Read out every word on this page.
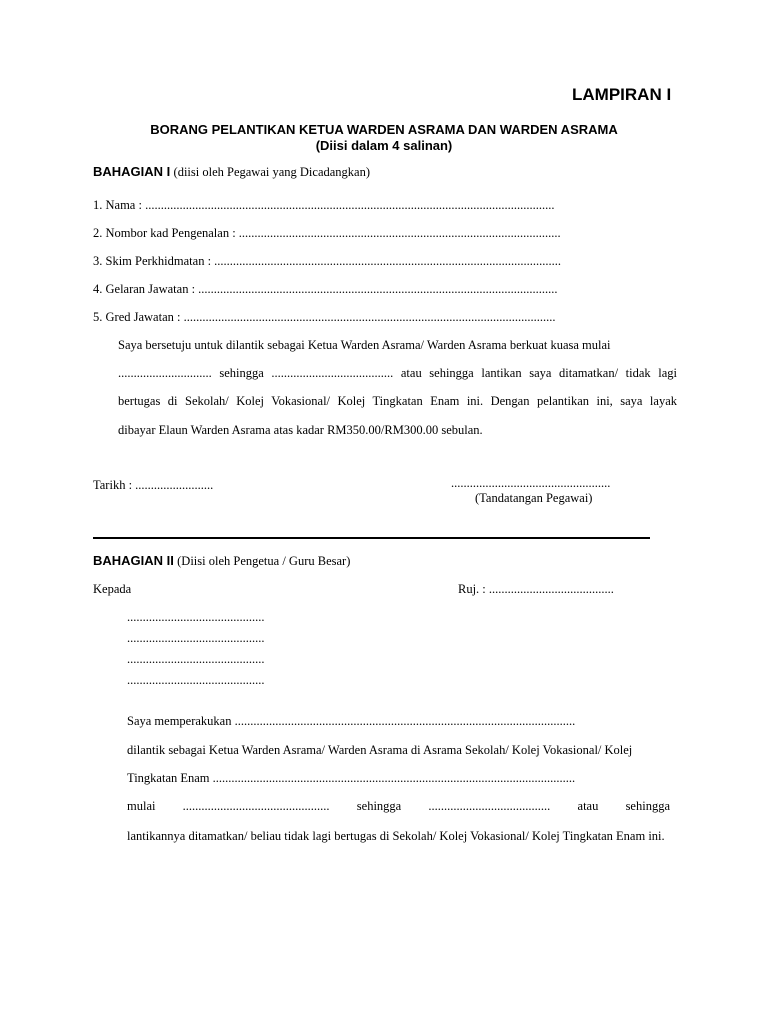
LAMPIRAN I
BORANG PELANTIKAN KETUA WARDEN ASRAMA DAN WARDEN ASRAMA
(Diisi dalam 4 salinan)
BAHAGIAN I (diisi oleh Pegawai yang Dicadangkan)
1. Nama : ...................................................................................................................................
2. Nombor kad Pengenalan : .......................................................................................................
3. Skim Perkhidmatan : ...............................................................................................................
4. Gelaran Jawatan : ...................................................................................................................
5. Gred Jawatan : .......................................................................................................................
Saya bersetuju untuk dilantik sebagai Ketua Warden Asrama/ Warden Asrama berkuat kuasa mulai
.............................. sehingga ....................................... atau sehingga lantikan saya ditamatkan/ tidak lagi
bertugas di Sekolah/ Kolej Vokasional/ Kolej Tingkatan Enam ini. Dengan pelantikan ini, saya layak
dibayar Elaun Warden Asrama atas kadar RM350.00/RM300.00 sebulan.
Tarikh : .........................	...................................................
(Tandatangan Pegawai)
BAHAGIAN II (Diisi oleh Pengetua / Guru Besar)
Kepada	Ruj. : ........................................
............................................
............................................
............................................
............................................
Saya memperakukan .............................................................................................................
dilantik sebagai Ketua Warden Asrama/ Warden Asrama di Asrama Sekolah/ Kolej Vokasional/ Kolej
Tingkatan Enam ....................................................................................................................
mulai ............................................... sehingga ....................................... atau sehingga
lantikannya ditamatkan/ beliau tidak lagi bertugas di Sekolah/ Kolej Vokasional/ Kolej Tingkatan Enam ini.
